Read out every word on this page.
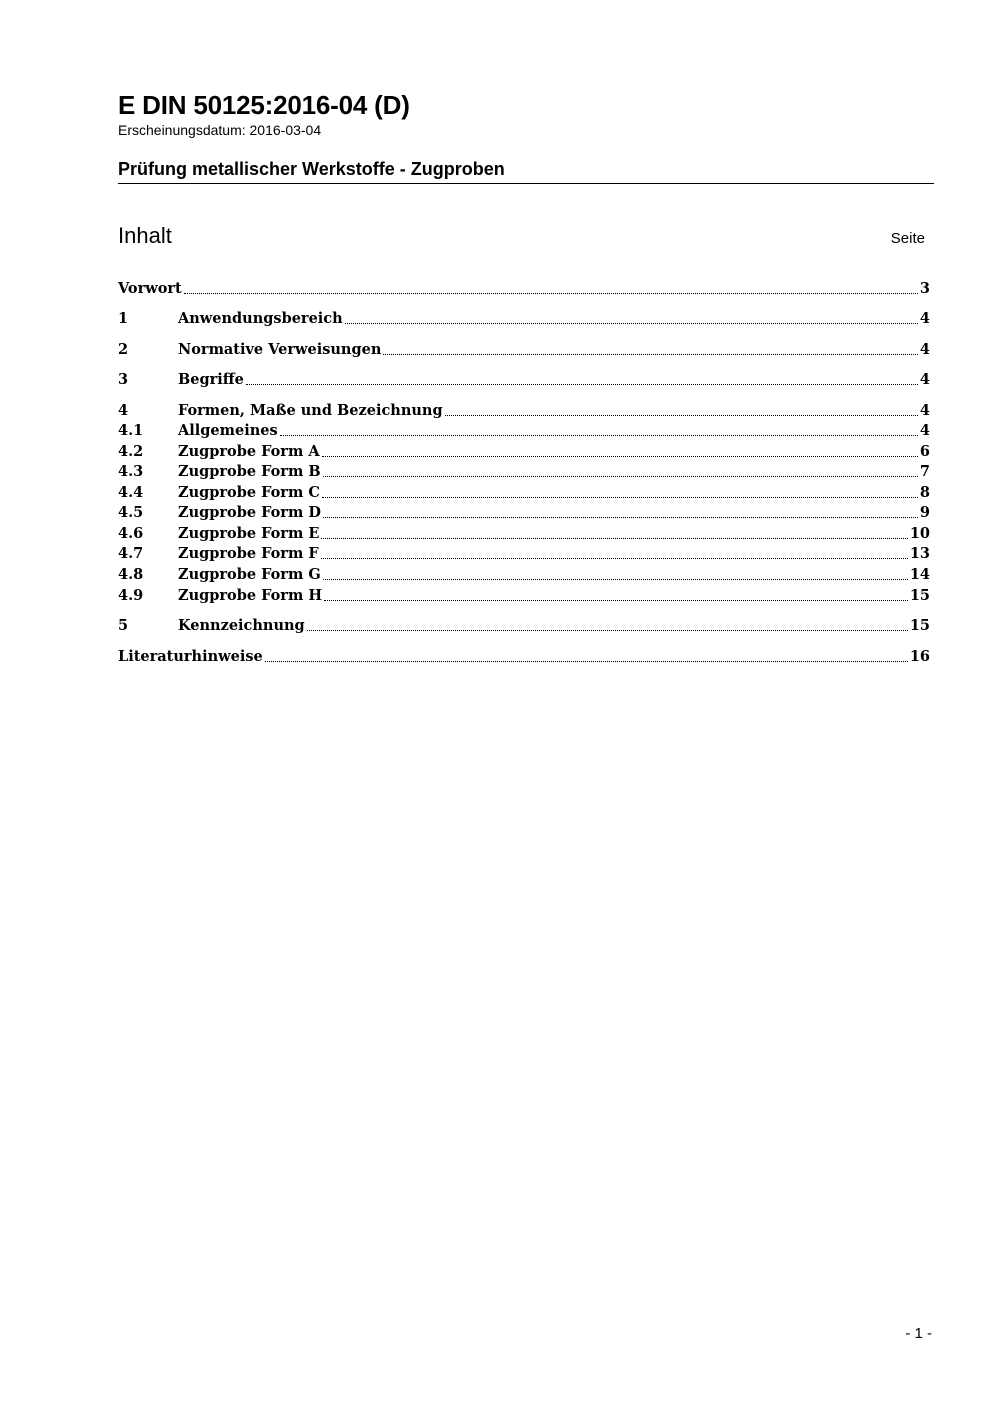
E DIN 50125:2016-04 (D)
Erscheinungsdatum: 2016-03-04
Prüfung metallischer Werkstoffe - Zugproben
Inhalt	Seite
Vorwort	3
1	Anwendungsbereich	4
2	Normative Verweisungen	4
3	Begriffe	4
4	Formen, Maße und Bezeichnung	4
4.1	Allgemeines	4
4.2	Zugprobe Form A	6
4.3	Zugprobe Form B	7
4.4	Zugprobe Form C	8
4.5	Zugprobe Form D	9
4.6	Zugprobe Form E	10
4.7	Zugprobe Form F	13
4.8	Zugprobe Form G	14
4.9	Zugprobe Form H	15
5	Kennzeichnung	15
Literaturhinweise	16
- 1 -
